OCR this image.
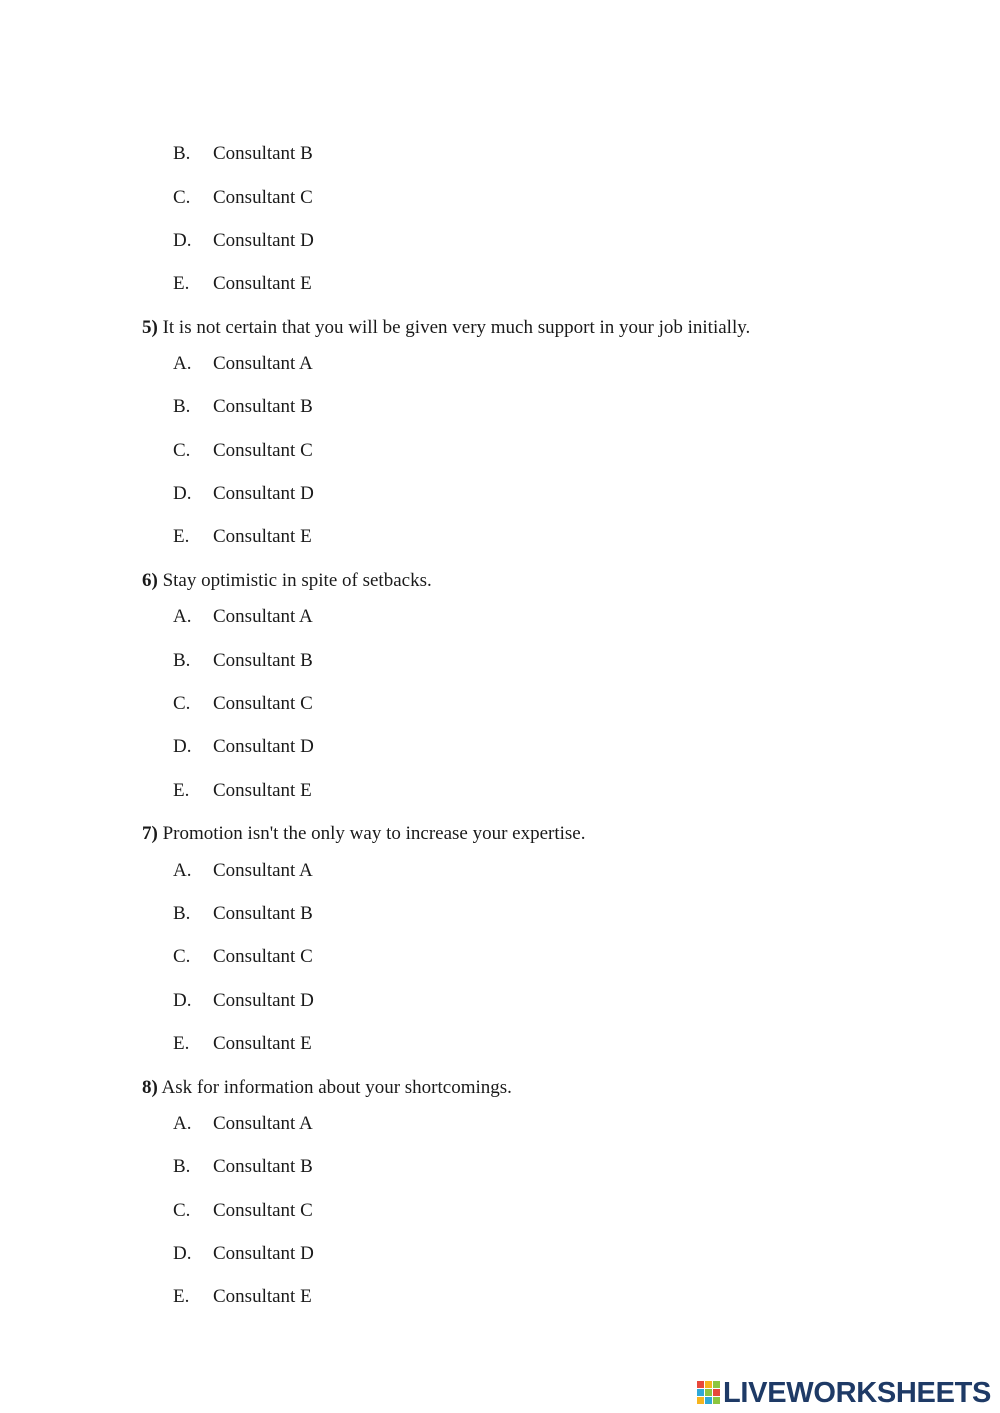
B. Consultant B
C. Consultant C
D. Consultant D
E. Consultant E
5) It is not certain that you will be given very much support in your job initially.
A. Consultant A
B. Consultant B
C. Consultant C
D. Consultant D
E. Consultant E
6) Stay optimistic in spite of setbacks.
A. Consultant A
B. Consultant B
C. Consultant C
D. Consultant D
E. Consultant E
7) Promotion isn't the only way to increase your expertise.
A. Consultant A
B. Consultant B
C. Consultant C
D. Consultant D
E. Consultant E
8) Ask for information about your shortcomings.
A. Consultant A
B. Consultant B
C. Consultant C
D. Consultant D
E. Consultant E
LIVEWORKSHEETS
